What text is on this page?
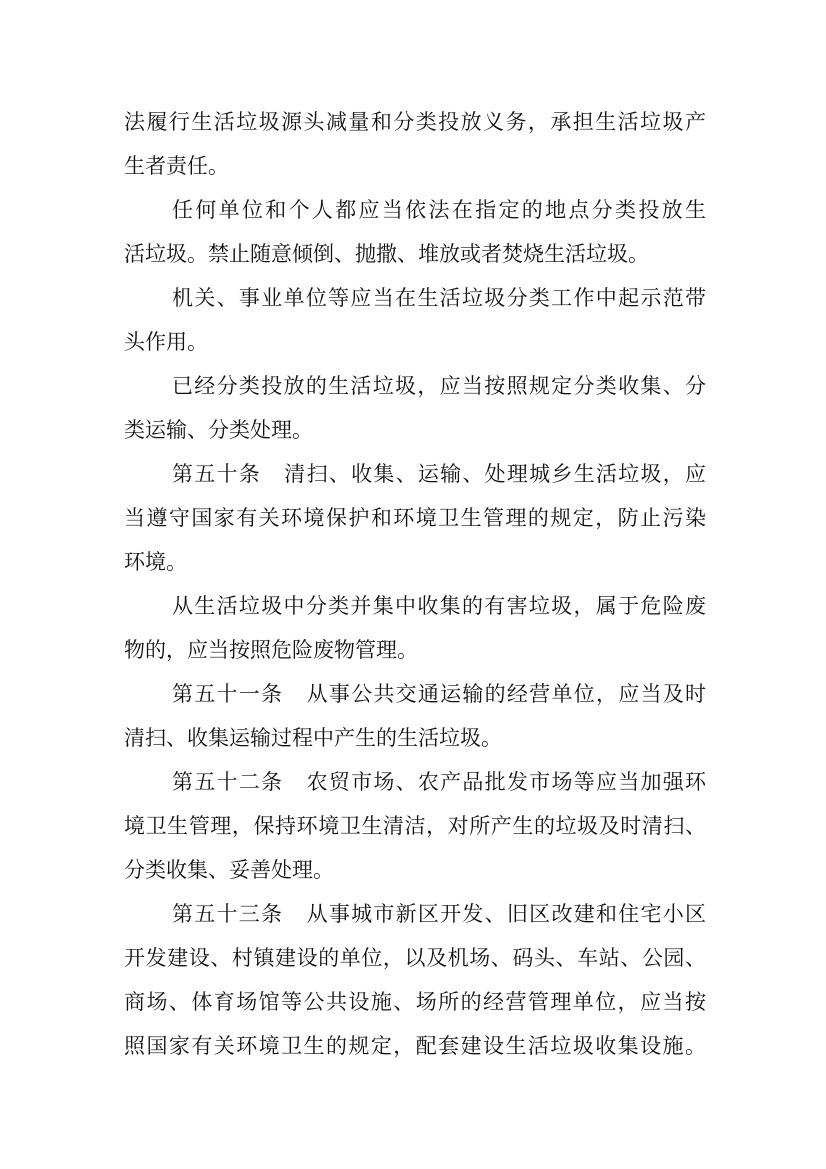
法履行生活垃圾源头减量和分类投放义务，承担生活垃圾产
生者责任。
任何单位和个人都应当依法在指定的地点分类投放生
活垃圾。禁止随意倾倒、抛撒、堆放或者焚烧生活垃圾。
机关、事业单位等应当在生活垃圾分类工作中起示范带
头作用。
已经分类投放的生活垃圾，应当按照规定分类收集、分
类运输、分类处理。
第五十条 清扫、收集、运输、处理城乡生活垃圾，应
当遵守国家有关环境保护和环境卫生管理的规定，防止污染
环境。
从生活垃圾中分类并集中收集的有害垃圾，属于危险废
物的，应当按照危险废物管理。
第五十一条 从事公共交通运输的经营单位，应当及时
清扫、收集运输过程中产生的生活垃圾。
第五十二条 农贸市场、农产品批发市场等应当加强环
境卫生管理，保持环境卫生清洁，对所产生的垃圾及时清扫、
分类收集、妥善处理。
第五十三条 从事城市新区开发、旧区改建和住宅小区
开发建设、村镇建设的单位，以及机场、码头、车站、公园、
商场、体育场馆等公共设施、场所的经营管理单位，应当按
照国家有关环境卫生的规定，配套建设生活垃圾收集设施。
